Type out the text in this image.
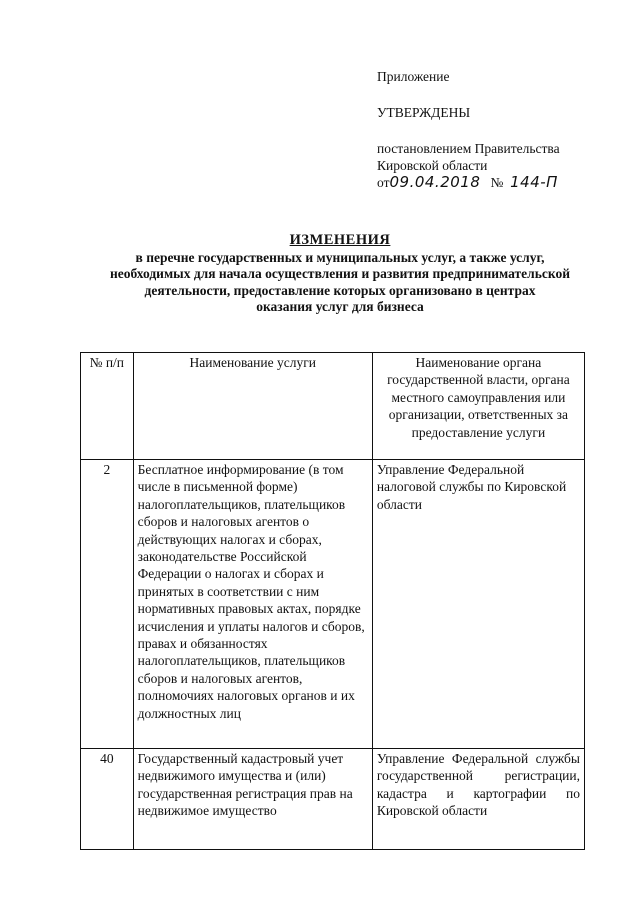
Приложение
УТВЕРЖДЕНЫ
постановлением Правительства
Кировской области
от09.04.2018 № 144-П
ИЗМЕНЕНИЯ
в перечне государственных и муниципальных услуг, а также услуг,
необходимых для начала осуществления и развития предпринимательской
деятельности, предоставление которых организовано в центрах
оказания услуг для бизнеса
№ п/п	Наименование услуги	Наименование органа государственной власти, органа местного самоуправления или организации, ответственных за предоставление услуги
2	Бесплатное информирование (в том числе в письменной форме) налогоплательщиков, плательщиков сборов и налоговых агентов о действующих налогах и сборах, законодательстве Российской Федерации о налогах и сборах и принятых в соответствии с ним нормативных правовых актах, порядке исчисления и уплаты налогов и сборов, правах и обязанностях налогоплательщиков, плательщиков сборов и налоговых агентов, полномочиях налоговых органов и их должностных лиц	Управление Федеральной налоговой службы по Кировской области
40	Государственный кадастровый учет недвижимого имущества и (или) государственная регистрация прав на недвижимое имущество	Управление Федеральной службы государственной регистрации, кадастра и картографии по Кировской области
